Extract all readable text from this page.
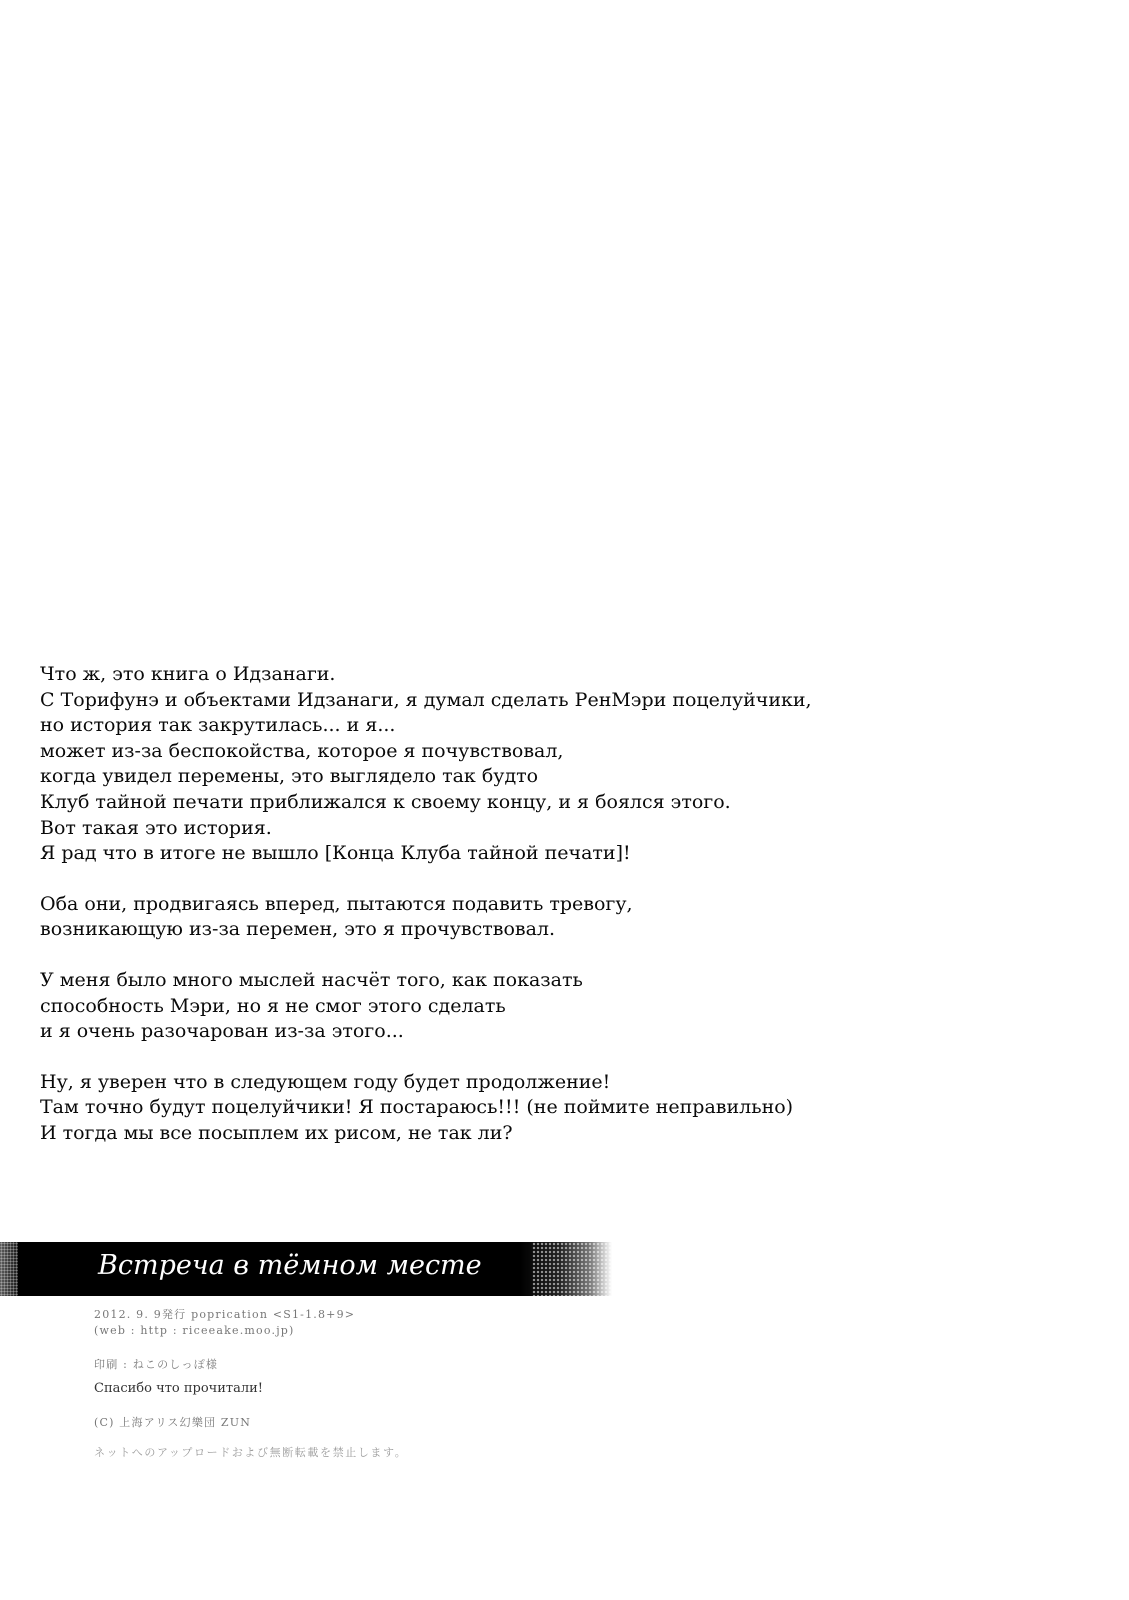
Что ж, это книга о Идзанаги.
С Торифунэ и объектами Идзанаги, я думал сделать РенМэри поцелуйчики,
но история так закрутилась... и я...
может из-за беспокойства, которое я почувствовал,
когда увидел перемены, это выглядело так будто
Клуб тайной печати приближался к своему концу, и я боялся этого.
Вот такая это история.
Я рад что в итоге не вышло [Конца Клуба тайной печати]!
Оба они, продвигаясь вперед, пытаются подавить тревогу,
возникающую из-за перемен, это я прочувствовал.
У меня было много мыслей насчёт того, как показать
способность Мэри, но я не смог этого сделать
и я очень разочарован из-за этого...
Ну, я уверен что в следующем году будет продолжение!
Там точно будут поцелуйчики! Я постараюсь!!! (не поймите неправильно)
И тогда мы все посыплем их рисом, не так ли?
Встреча в тёмном месте
2012. 9. 9発行 poprication <S1-1.8+9>
(web : http : riceeake.moo.jp)
印刷 : ねこのしっぽ様
Спасибо что прочитали!
(C) 上海アリス幻樂団 ZUN
ネットへのアップロードおよび無断転載を禁止します。
